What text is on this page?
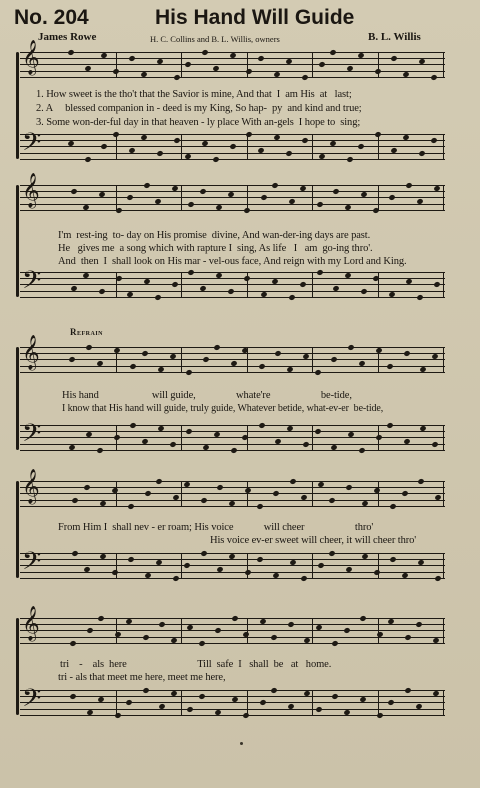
No. 204	His Hand Will Guide
James Rowe	H. C. Collins and B. L. Willis, owners	B. L. Willis
𝄞
𝄢
𝄞
𝄢
𝄞
𝄢
𝄞
𝄢
𝄞
𝄢
1. How sweet is the tho't that the Savior is mine, And that  I  am His  at   last;
2. A     blessed companion in - deed is my King, So hap-  py  and kind and true;
3. Some won-der-ful day in that heaven - ly place With an-gels  I hope to  sing;
I'm  rest-ing  to- day on His promise  divine, And wan-der-ing days are past.
He   gives me  a song which with rapture I  sing, As life   I   am  go-ing thro'.
And  then  I  shall look on His mar - vel-ous face, And reign with my Lord and King.
Refrain
His hand                     will guide,                whate're                    be-tide,
I know that His hand will guide, truly guide, Whatever betide, what-ev-er  be-tide,
From Him I  shall nev - er roam; His voice            will cheer                    thro'
His voice ev-er sweet will cheer, it will cheer thro'
tri    -    als  here                            Till  safe  I   shall  be   at   home.
tri - als that meet me here, meet me here,
